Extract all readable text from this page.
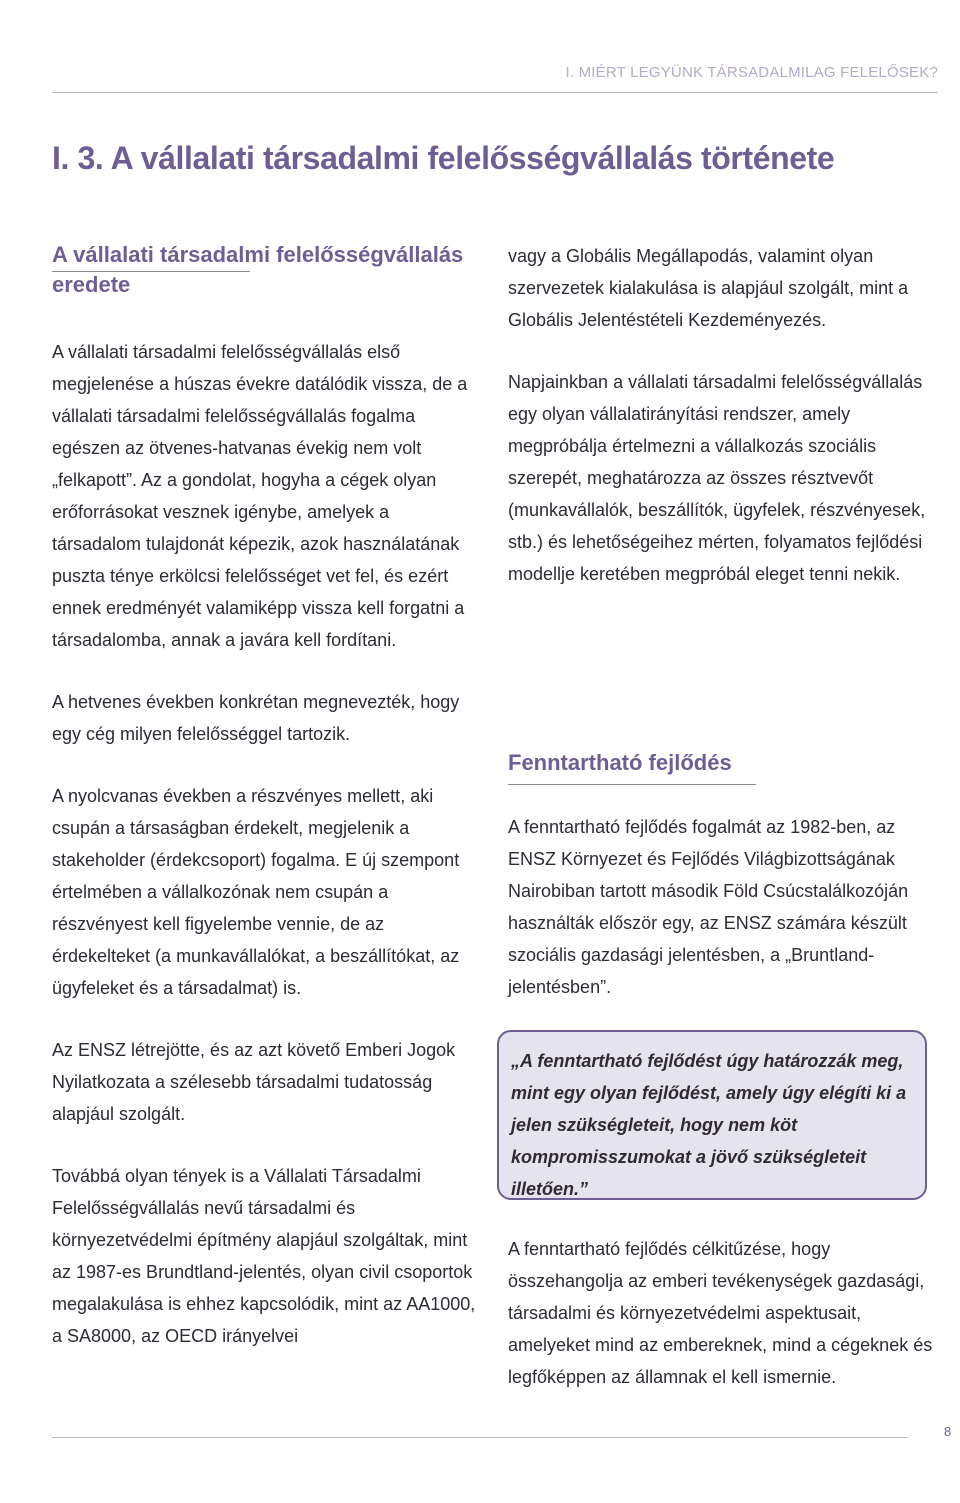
I. MIÉRT LEGYÜNK TÁRSADALMILAG FELELŐSEK?
I. 3. A vállalati társadalmi felelősségvállalás története
A vállalati társadalmi felelősségvállalás eredete

A vállalati társadalmi felelősségvállalás első megjelenése a húszas évekre datálódik vissza, de a vállalati társadalmi felelősségvállalás fogalma egészen az ötvenes-hatvanas évekig nem volt „felkapott”. Az a gondolat, hogyha a cégek olyan erőforrásokat vesznek igénybe, amelyek a társadalom tulajdonát képezik, azok használatának puszta ténye erkölcsi felelősséget vet fel, és ezért ennek eredményét valamiképp vissza kell forgatni a társadalomba, annak a javára kell fordítani.

A hetvenes években konkrétan megnevezték, hogy egy cég milyen felelősséggel tartozik.

A nyolcvanas években a részvényes mellett, aki csupán a társaságban érdekelt, megjelenik a stakeholder (érdekcsoport) fogalma. E új szempont értelmében a vállalkozónak nem csupán a részvényest kell figyelembe vennie, de az érdekelteket (a munkavállalókat, a beszállítókat, az ügyfeleket és a társadalmat) is.

Az ENSZ létrejötte, és az azt követő Emberi Jogok Nyilatkozata a szélesebb társadalmi tudatosság alapjául szolgált.

Továbbá olyan tények is a Vállalati Társadalmi Felelősségvállalás nevű társadalmi és környezetvédelmi építmény alapjául szolgáltak, mint az 1987-es Brundtland-jelentés, olyan civil csoportok megalakulása is ehhez kapcsolódik, mint az AA1000, a SA8000, az OECD irányelvei

vagy a Globális Megállapodás, valamint olyan szervezetek kialakulása is alapjául szolgált, mint a Globális Jelentéstételi Kezdeményezés.

Napjainkban a vállalati társadalmi felelősségvállalás egy olyan vállalatirányítási rendszer, amely megpróbálja értelmezni a vállalkozás szociális szerepét, meghatározza az összes résztvevőt (munkavállalók, beszállítók, ügyfelek, részvényesek, stb.) és lehetőségeihez mérten, folyamatos fejlődési modellje keretében megpróbál eleget tenni nekik.

Fenntartható fejlődés

A fenntartható fejlődés fogalmát az 1982-ben, az ENSZ Környezet és Fejlődés Világbizottságának Nairobiban tartott második Föld Csúcstalálkozóján használták először egy, az ENSZ számára készült szociális gazdasági jelentésben, a „Bruntland-jelentésben”.

„A fenntartható fejlődést úgy határozzák meg, mint egy olyan fejlődést, amely úgy elégíti ki a jelen szükségleteit, hogy nem köt kompromisszumokat a jövő szükségleteit illetően.”

A fenntartható fejlődés célkitűzése, hogy összehangolja az emberi tevékenységek gazdasági, társadalmi és környezetvédelmi aspektusait, amelyeket mind az embereknek, mind a cégeknek és legfőképpen az államnak el kell ismernie.

8
